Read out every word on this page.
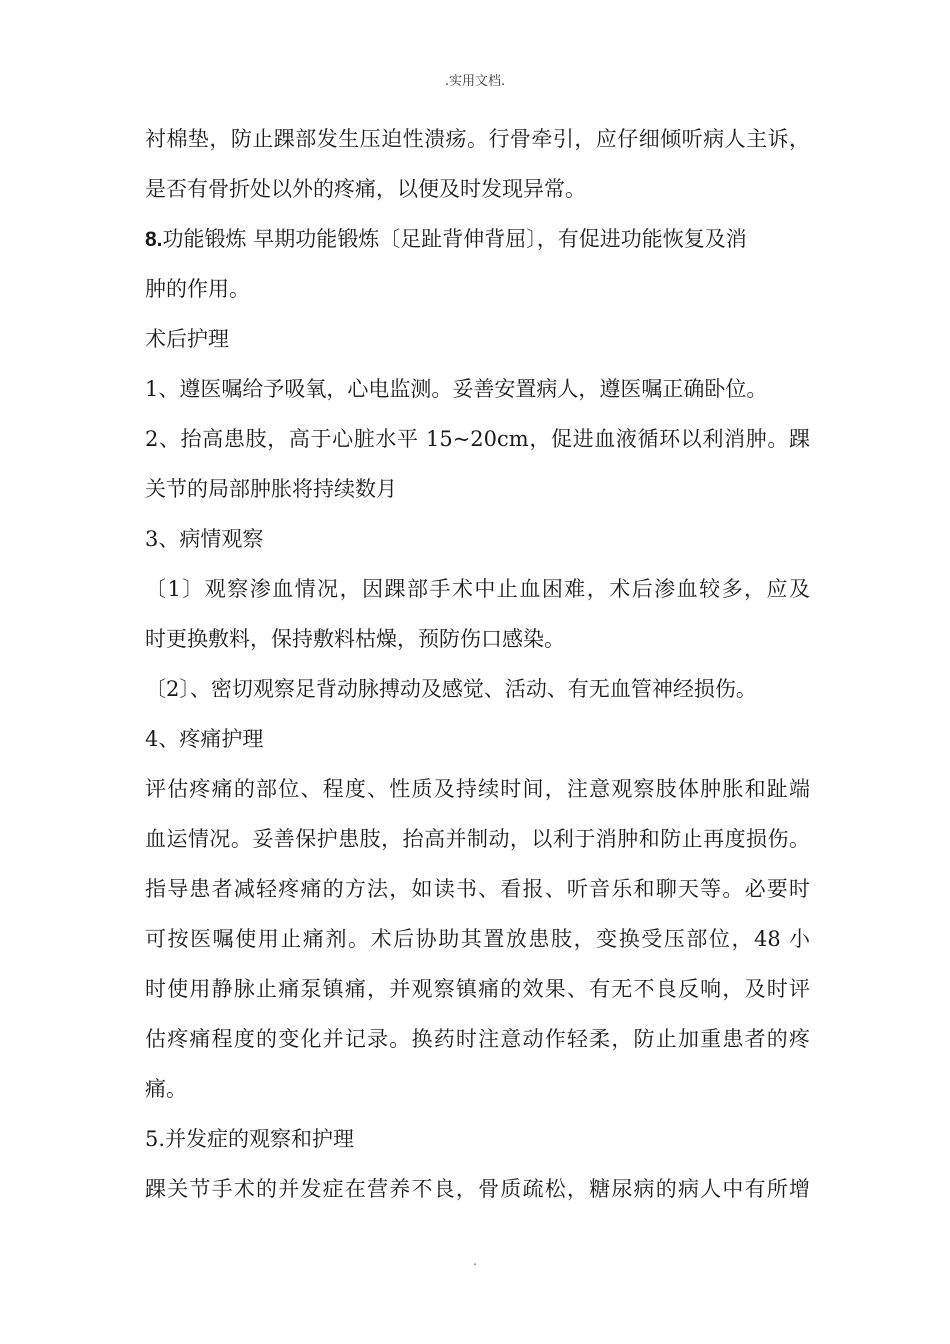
.实用文档.
衬棉垫，防止踝部发生压迫性溃疡。行骨牵引，应仔细倾听病人主诉，
是否有骨折处以外的疼痛，以便及时发现异常。
8.功能锻炼 早期功能锻炼〔足趾背伸背屈〕，有促进功能恢复及消
肿的作用。
术后护理
1、遵医嘱给予吸氧，心电监测。妥善安置病人，遵医嘱正确卧位。
2、抬高患肢，高于心脏水平 15~20cm，促进血液循环以利消肿。踝
关节的局部肿胀将持续数月
3、病情观察
〔1〕观察渗血情况，因踝部手术中止血困难，术后渗血较多，应及
时更换敷料，保持敷料枯燥，预防伤口感染。
〔2〕、密切观察足背动脉搏动及感觉、活动、有无血管神经损伤。
4、疼痛护理
评估疼痛的部位、程度、性质及持续时间，注意观察肢体肿胀和趾端
血运情况。妥善保护患肢，抬高并制动，以利于消肿和防止再度损伤。
指导患者减轻疼痛的方法，如读书、看报、听音乐和聊天等。必要时
可按医嘱使用止痛剂。术后协助其置放患肢，变换受压部位，48 小
时使用静脉止痛泵镇痛，并观察镇痛的效果、有无不良反响，及时评
估疼痛程度的变化并记录。换药时注意动作轻柔，防止加重患者的疼
痛。
5.并发症的观察和护理
踝关节手术的并发症在营养不良，骨质疏松，糖尿病的病人中有所增
.
